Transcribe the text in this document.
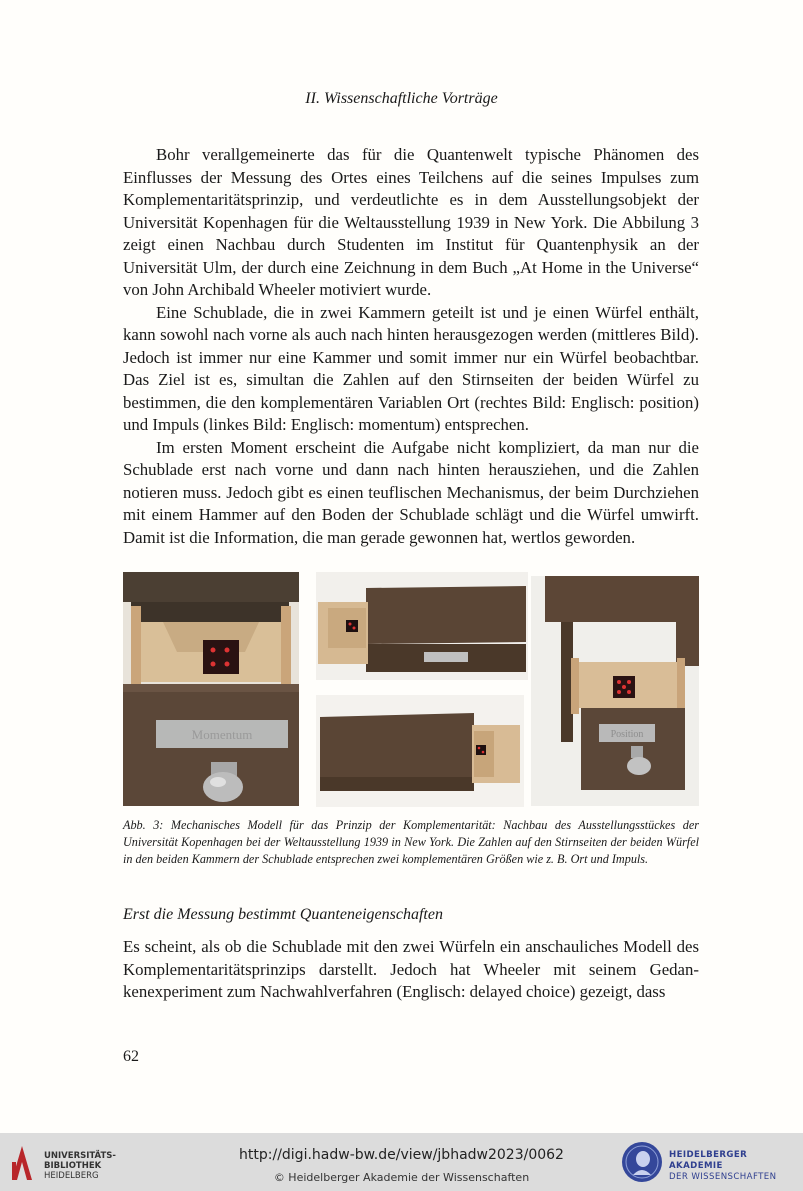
II. Wissenschaftliche Vorträge

Bohr verallgemeinerte das für die Quantenwelt typische Phänomen des Einflusses der Messung des Ortes eines Teilchens auf die seines Impulses zum Komplementaritätsprinzip, und verdeutlichte es in dem Ausstellungsobjekt der Universität Kopenhagen für die Weltausstellung 1939 in New York. Die Abbilung 3 zeigt einen Nachbau durch Studenten im Institut für Quantenphysik an der Universität Ulm, der durch eine Zeichnung in dem Buch „At Home in the Universe“ von John Archibald Wheeler motiviert wurde.

Eine Schublade, die in zwei Kammern geteilt ist und je einen Würfel enthält, kann sowohl nach vorne als auch nach hinten herausgezogen werden (mittleres Bild). Jedoch ist immer nur eine Kammer und somit immer nur ein Würfel beobachtbar. Das Ziel ist es, simultan die Zahlen auf den Stirnseiten der beiden Würfel zu bestimmen, die den komplementären Variablen Ort (rechtes Bild: Englisch: position) und Impuls (linkes Bild: Englisch: momentum) entsprechen.

Im ersten Moment erscheint die Aufgabe nicht kompliziert, da man nur die Schublade erst nach vorne und dann nach hinten herausziehen, und die Zahlen notieren muss. Jedoch gibt es einen teuflischen Mechanismus, der beim Durchziehen mit einem Hammer auf den Boden der Schublade schlägt und die Würfel umwirft. Damit ist die Information, die man gerade gewonnen hat, wertlos geworden.

Momentum	Position
Abb. 3: Mechanisches Modell für das Prinzip der Komplementarität: Nachbau des Ausstellungsstückes der Universität Kopenhagen bei der Weltausstellung 1939 in New York. Die Zahlen auf den Stirnseiten der beiden Würfel in den beiden Kammern der Schublade entsprechen zwei komplementären Größen wie z. B. Ort und Impuls.
Erst die Messung bestimmt Quanteneigenschaften

Es scheint, als ob die Schublade mit den zwei Würfeln ein anschauliches Modell des Komplementaritätsprinzips darstellt. Jedoch hat Wheeler mit seinem Gedankenexperiment zum Nachwahlverfahren (Englisch: delayed choice) gezeigt, dass

62
UNIVERSITÄTS-
BIBLIOTHEK
HEIDELBERG
http://digi.hadw-bw.de/view/jbhadw2023/0062
© Heidelberger Akademie der Wissenschaften
HEIDELBERGER AKADEMIE
DER WISSENSCHAFTEN
